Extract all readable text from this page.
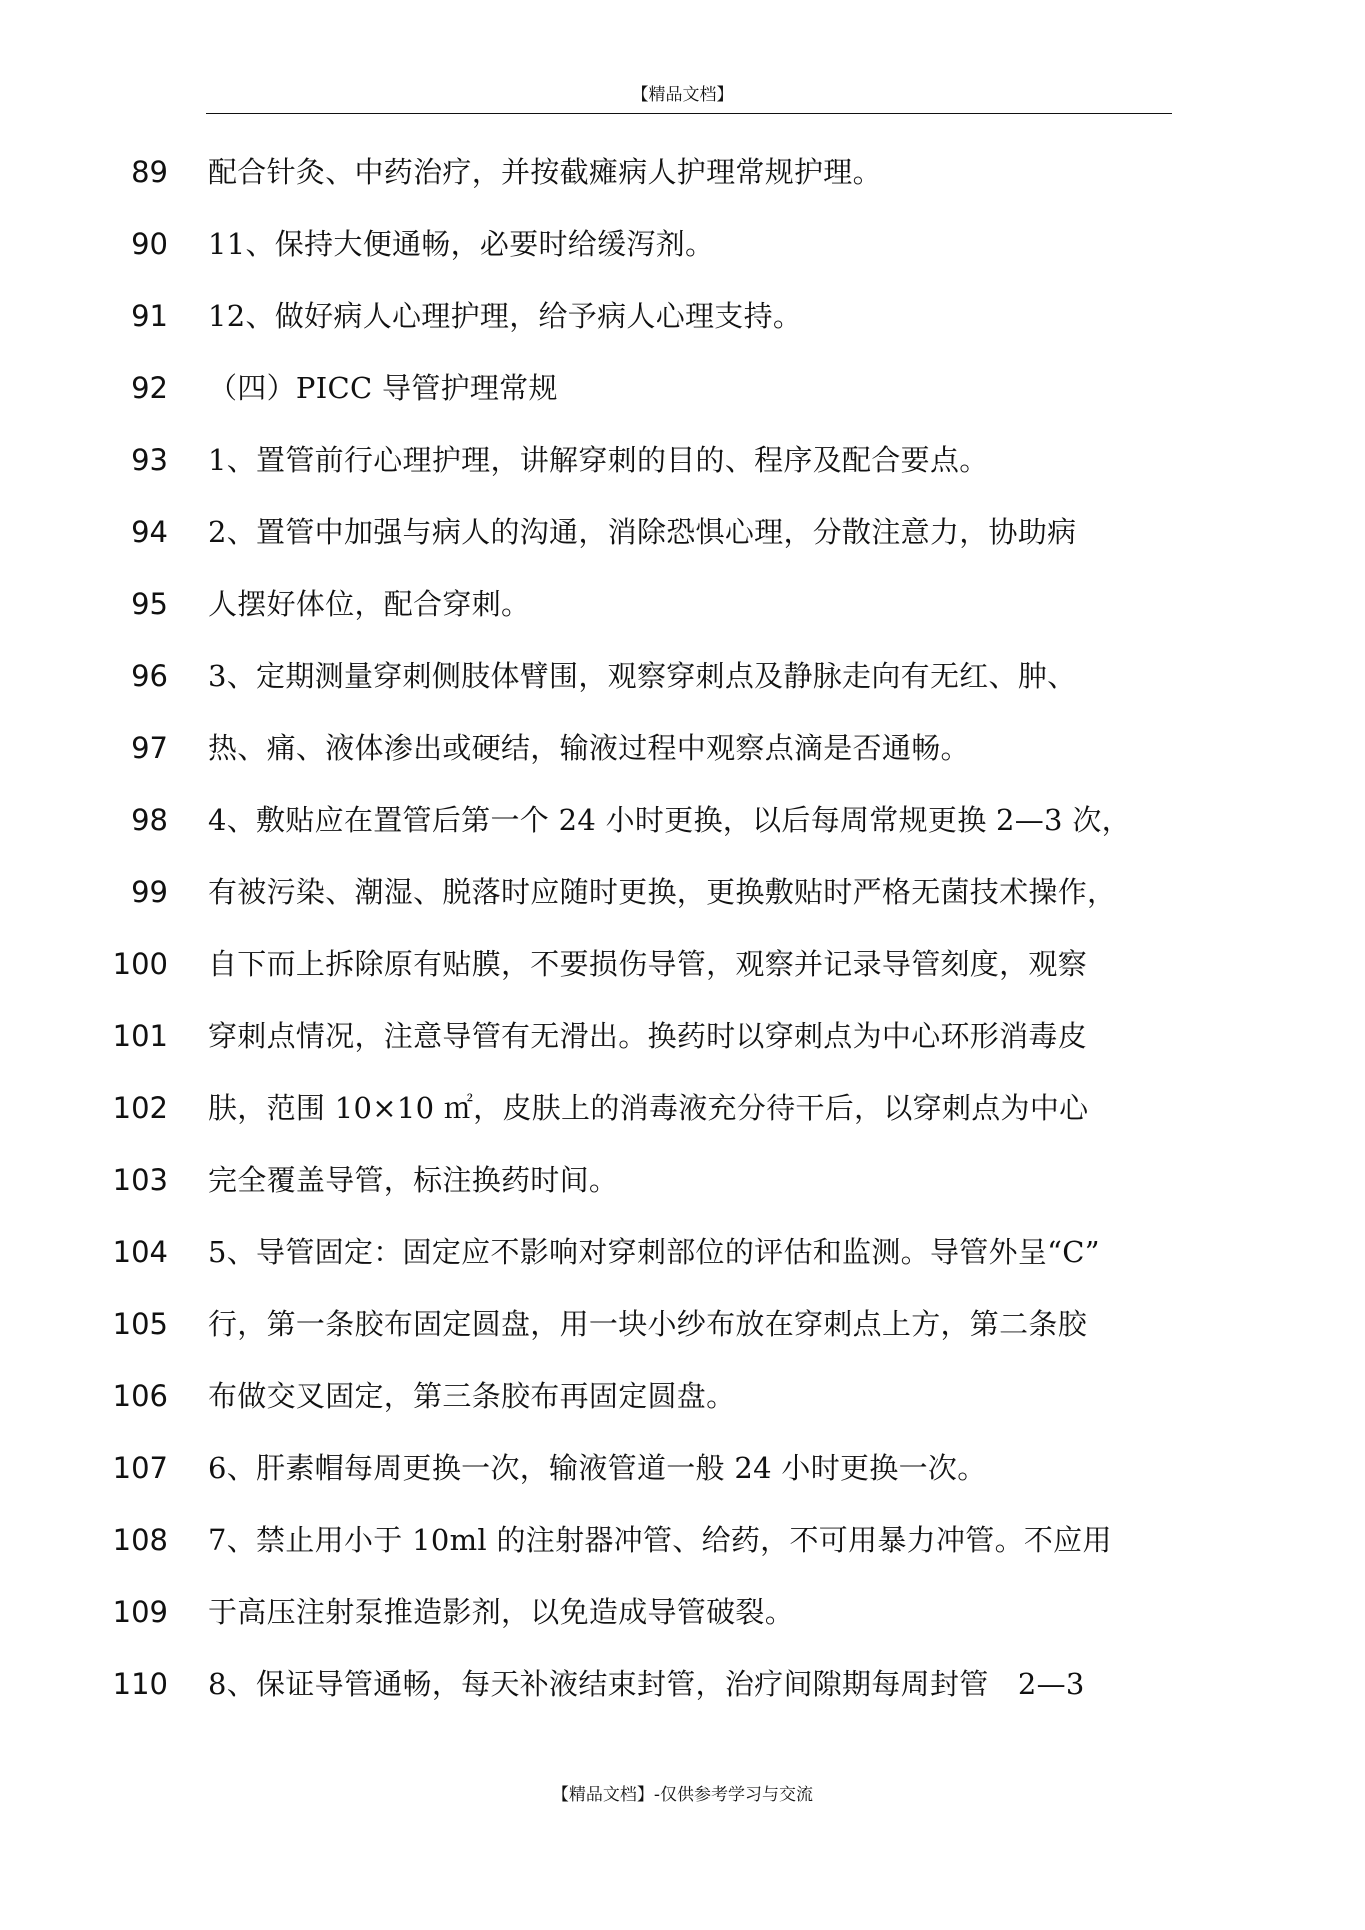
【精品文档】
89 配合针灸、中药治疗，并按截瘫病人护理常规护理。
90 11、保持大便通畅，必要时给缓泻剂。
91 12、做好病人心理护理，给予病人心理支持。
92 （四）PICC 导管护理常规
93 1、置管前行心理护理，讲解穿刺的目的、程序及配合要点。
94 2、置管中加强与病人的沟通，消除恐惧心理，分散注意力，协助病
95 人摆好体位，配合穿刺。
96 3、定期测量穿刺侧肢体臂围，观察穿刺点及静脉走向有无红、肿、
97 热、痛、液体渗出或硬结，输液过程中观察点滴是否通畅。
98 4、敷贴应在置管后第一个 24 小时更换，以后每周常规更换 2—3 次，
99 有被污染、潮湿、脱落时应随时更换，更换敷贴时严格无菌技术操作，
100 自下而上拆除原有贴膜，不要损伤导管，观察并记录导管刻度，观察
101 穿刺点情况，注意导管有无滑出。换药时以穿刺点为中心环形消毒皮
102 肤，范围 10×10 ㎡，皮肤上的消毒液充分待干后，以穿刺点为中心
103 完全覆盖导管，标注换药时间。
104 5、导管固定：固定应不影响对穿刺部位的评估和监测。导管外呈“C”
105 行，第一条胶布固定圆盘，用一块小纱布放在穿刺点上方，第二条胶
106 布做交叉固定，第三条胶布再固定圆盘。
107 6、肝素帽每周更换一次，输液管道一般 24 小时更换一次。
108 7、禁止用小于 10ml 的注射器冲管、给药，不可用暴力冲管。不应用
109 于高压注射泵推造影剂，以免造成导管破裂。
110 8、保证导管通畅，每天补液结束封管，治疗间隙期每周封管　2—3
【精品文档】-仅供参考学习与交流
